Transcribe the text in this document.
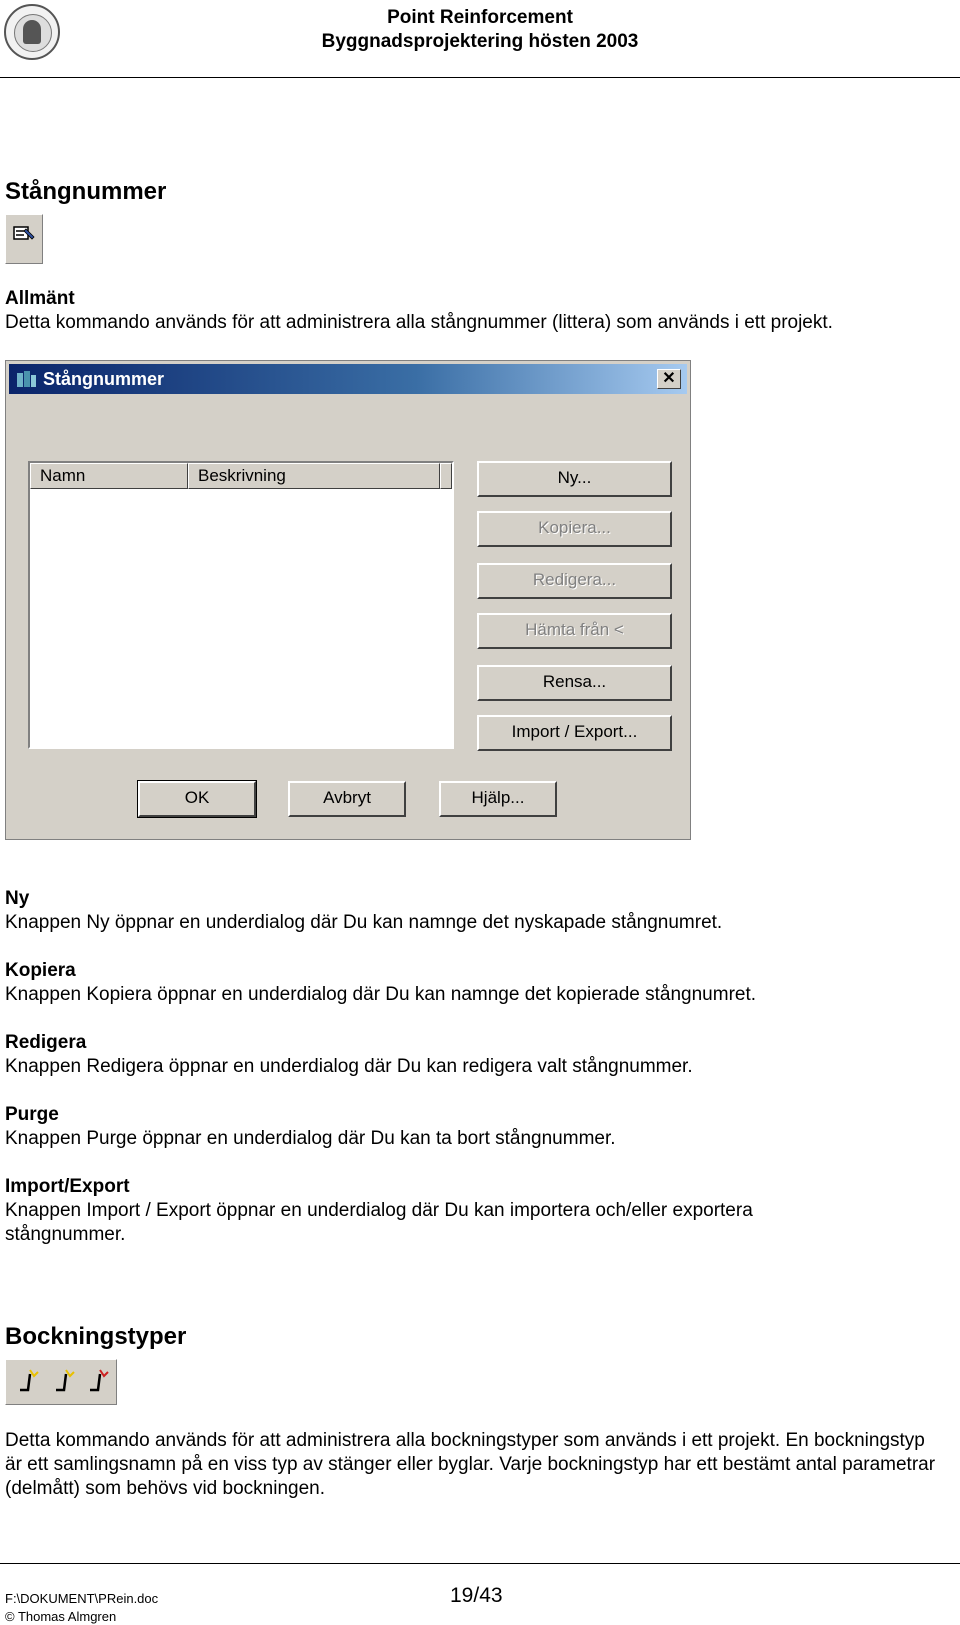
Point Reinforcement
Byggnadsprojektering hösten 2003
Stångnummer
Allmänt
Detta kommando används för att administrera alla stångnummer (littera) som används i ett projekt.
Stångnummer	✕
Namn	Beskrivning	Ny...
Kopiera...
Redigera...
Hämta från <
Rensa...
Import / Export...
OK	Avbryt	Hjälp...
Ny
Knappen Ny öppnar en underdialog där Du kan namnge det nyskapade stångnumret.
Kopiera
Knappen Kopiera öppnar en underdialog där Du kan namnge det kopierade stångnumret.
Redigera
Knappen Redigera öppnar en underdialog där Du kan redigera valt stångnummer.
Purge
Knappen Purge öppnar en underdialog där Du kan ta bort stångnummer.
Import/Export
Knappen Import / Export öppnar en underdialog där Du kan importera och/eller exportera stångnummer.
Bockningstyper
Detta kommando används för att administrera alla bockningstyper som används i ett projekt. En bockningstyp är ett samlingsnamn på en viss typ av stänger eller byglar. Varje bockningstyp har ett bestämt antal parametrar (delmått) som behövs vid bockningen.
F:\DOKUMENT\PRein.doc
© Thomas Almgren
19/43
